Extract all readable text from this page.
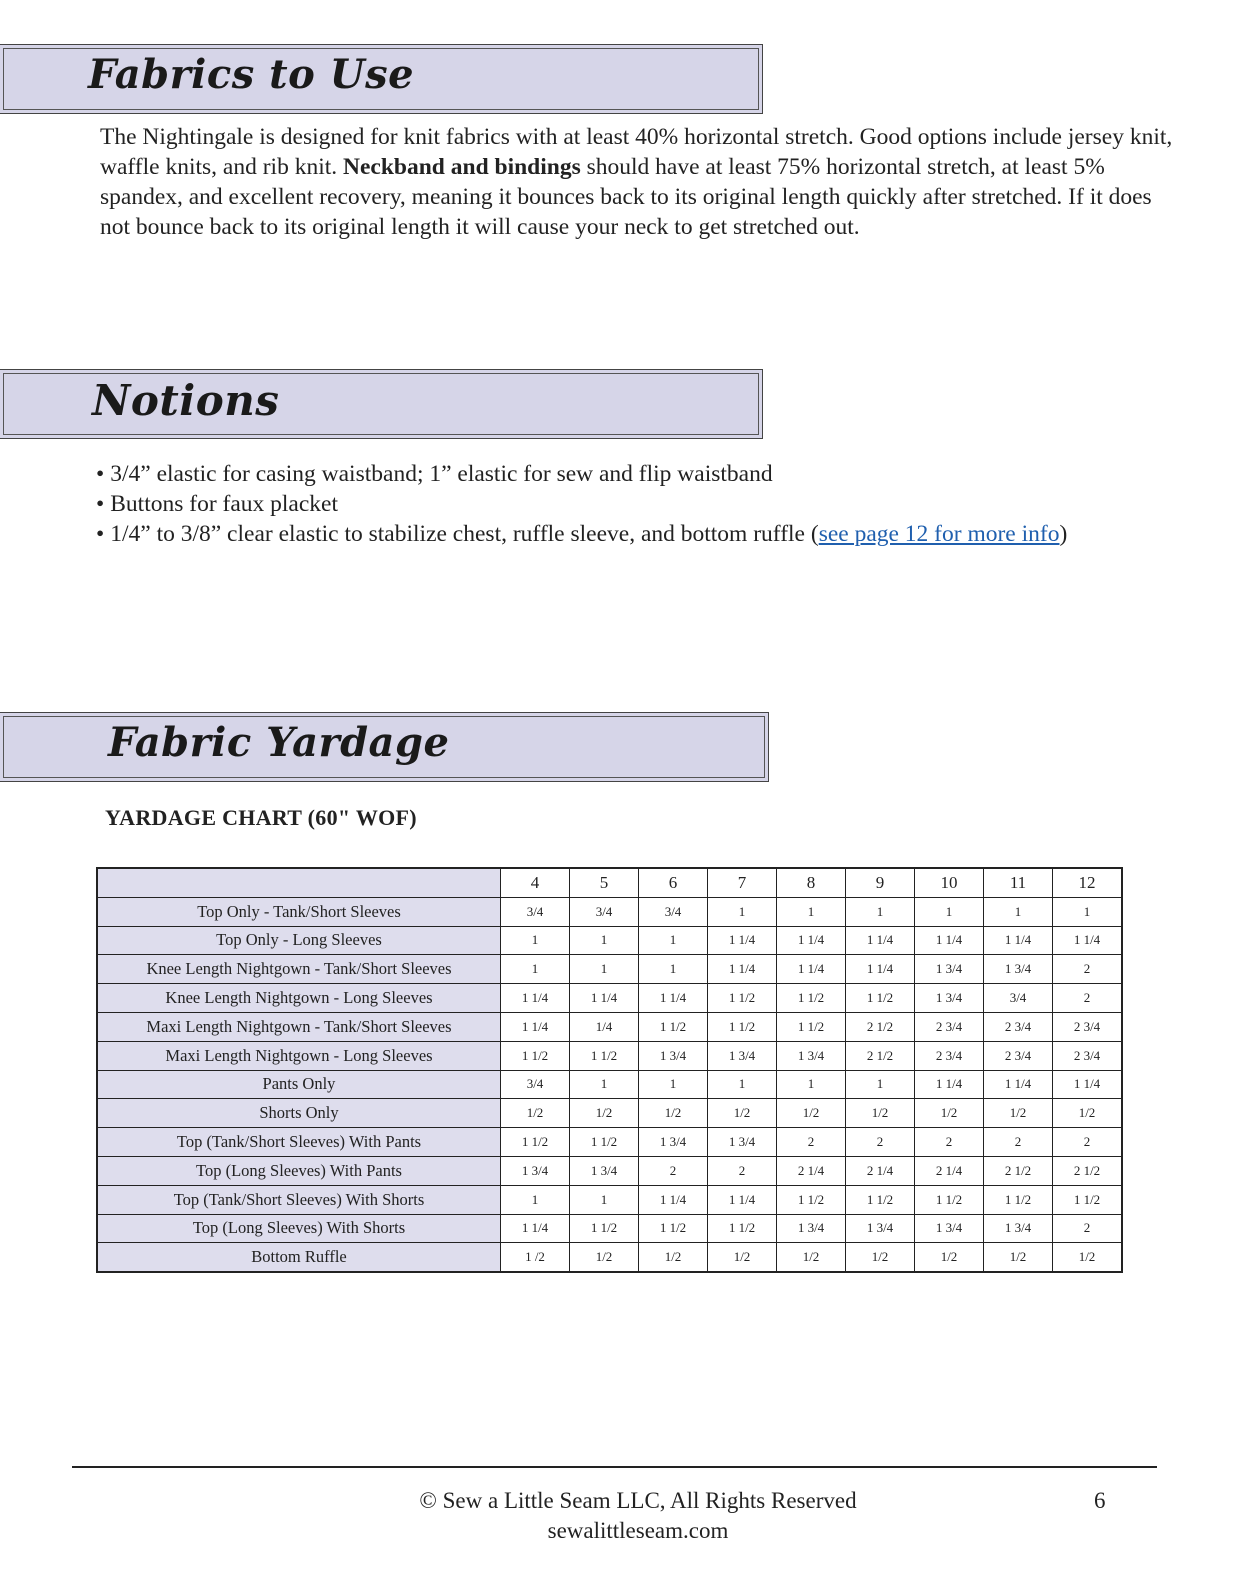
Fabrics to Use
The Nightingale is designed for knit fabrics with at least 40% horizontal stretch. Good options include jersey knit, waffle knits, and rib knit. Neckband and bindings should have at least 75% horizontal stretch, at least 5% spandex, and excellent recovery, meaning it bounces back to its original length quickly after stretched. If it does not bounce back to its original length it will cause your neck to get stretched out.
Notions
• 3/4” elastic for casing waistband; 1” elastic for sew and flip waistband
• Buttons for faux placket
• 1/4” to 3/8” clear elastic to stabilize chest, ruffle sleeve, and bottom ruffle (see page 12 for more info)
Fabric Yardage
YARDAGE CHART (60" WOF)
	4	5	6	7	8	9	10	11	12
Top Only - Tank/Short Sleeves	3/4	3/4	3/4	1	1	1	1	1	1
Top Only - Long Sleeves	1	1	1	1 1/4	1 1/4	1 1/4	1 1/4	1 1/4	1 1/4
Knee Length Nightgown - Tank/Short Sleeves	1	1	1	1 1/4	1 1/4	1 1/4	1 3/4	1 3/4	2
Knee Length Nightgown - Long Sleeves	1 1/4	1 1/4	1 1/4	1 1/2	1 1/2	1 1/2	1 3/4	3/4	2
Maxi Length Nightgown - Tank/Short Sleeves	1 1/4	1/4	1 1/2	1 1/2	1 1/2	2 1/2	2 3/4	2 3/4	2 3/4
Maxi Length Nightgown - Long Sleeves	1 1/2	1 1/2	1 3/4	1 3/4	1 3/4	2 1/2	2 3/4	2 3/4	2 3/4
Pants Only	3/4	1	1	1	1	1	1 1/4	1 1/4	1 1/4
Shorts Only	1/2	1/2	1/2	1/2	1/2	1/2	1/2	1/2	1/2
Top (Tank/Short Sleeves) With Pants	1 1/2	1 1/2	1 3/4	1 3/4	2	2	2	2	2
Top (Long Sleeves) With Pants	1 3/4	1 3/4	2	2	2 1/4	2 1/4	2 1/4	2 1/2	2 1/2
Top (Tank/Short Sleeves) With Shorts	1	1	1 1/4	1 1/4	1 1/2	1 1/2	1 1/2	1 1/2	1 1/2
Top (Long Sleeves) With Shorts	1 1/4	1 1/2	1 1/2	1 1/2	1 3/4	1 3/4	1 3/4	1 3/4	2
Bottom Ruffle	1 /2	1/2	1/2	1/2	1/2	1/2	1/2	1/2	1/2
© Sew a Little Seam LLC, All Rights Reserved
sewalittleseam.com
6
